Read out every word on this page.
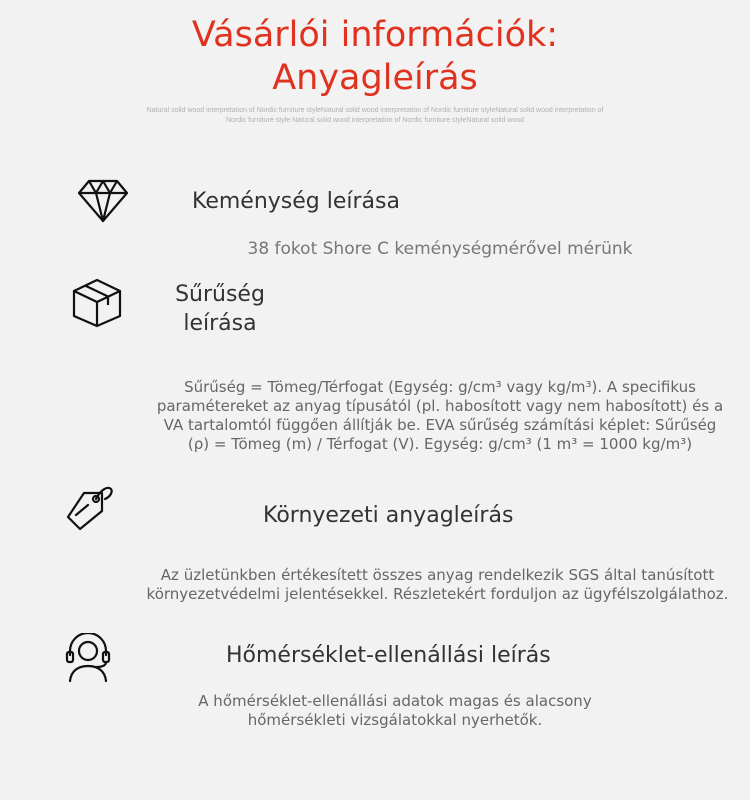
Vásárlói információk:
Anyagleírás
Natural solid wood interpretation of Nordic furniture styleNatural solid wood interpretation of Nordic furniture styleNatural solid wood interpretation of Nordic furniture style Natural solid wood interpretation of Nordic furniture styleNatural solid wood
Keménység leírása
38 fokot Shore C keménységmérővel mérünk
Sűrűség
leírása
Sűrűség = Tömeg/Térfogat (Egység: g/cm³ vagy kg/m³). A specifikus paramétereket az anyag típusától (pl. habosított vagy nem habosított) és a VA tartalomtól függően állítják be. EVA sűrűség számítási képlet: Sűrűség (ρ) = Tömeg (m) / Térfogat (V). Egység: g/cm³ (1 m³ = 1000 kg/m³)
Környezeti anyagleírás
Az üzletünkben értékesített összes anyag rendelkezik SGS által tanúsított környezetvédelmi jelentésekkel. Részletekért forduljon az ügyfélszolgálathoz.
Hőmérséklet-ellenállási leírás
A hőmérséklet-ellenállási adatok magas és alacsony hőmérsékleti vizsgálatokkal nyerhetők.
